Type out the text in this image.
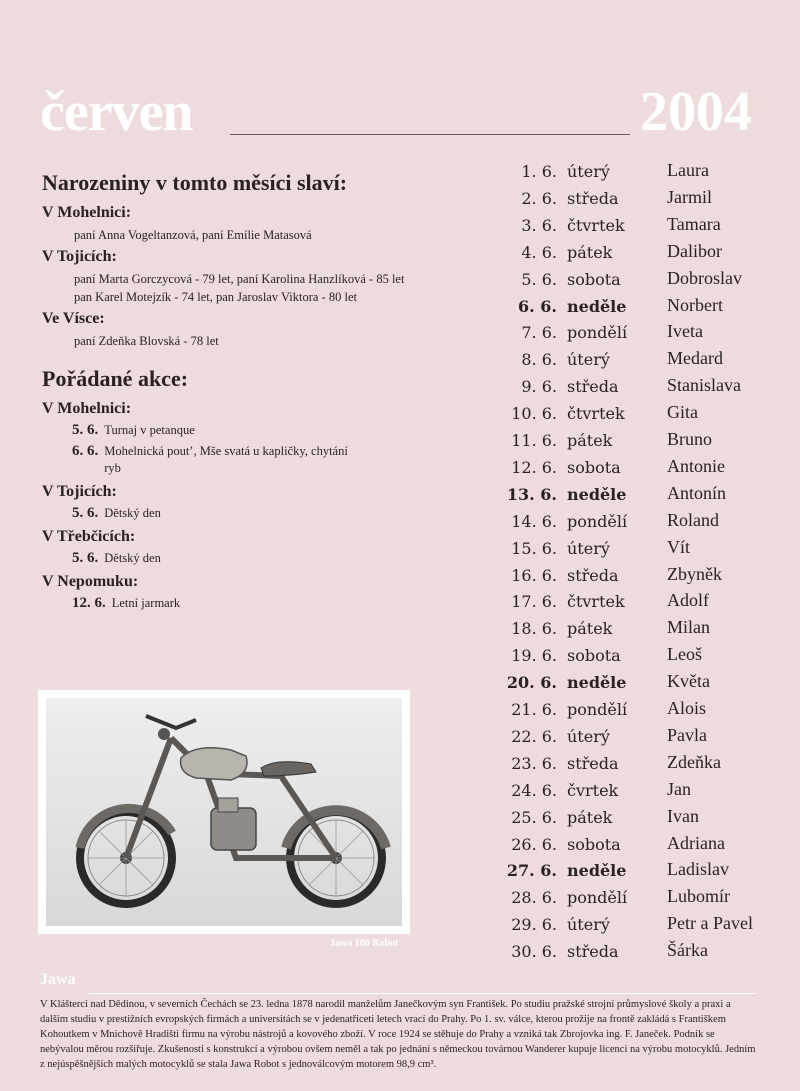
červen	2004
Narozeniny v tomto měsíci slaví:
V Mohelnici:
paní Anna Vogeltanzová, paní Emílie Matasová
V Tojicích:
paní Marta Gorczycová - 79 let, paní Karolina Hanzlíková - 85 let
pan Karel Motejzík - 74 let, pan Jaroslav Viktora - 80 let
Ve Vísce:
paní Zdeňka Blovská - 78 let
Pořádané akce:
V Mohelnici:
5. 6. Turnaj v petanque
6. 6. Mohelnická pout’, Mše svatá u kapličky, chytání ryb
V Tojicích:
5. 6. Dětský den
V Třebčicích:
5. 6. Dětský den
V Nepomuku:
12. 6. Letní jarmark
Jawa 100 Robot
1. 6. úterý	Laura
2. 6. středa	Jarmil
3. 6. čtvrtek Tamara
4. 6. pátek	Dalibor
5. 6. sobota	Dobroslav
6. 6. neděle Norbert
7. 6. pondělí Iveta
8. 6. úterý	Medard
9. 6. středa	Stanislava
10. 6. čtvrtek Gita
11. 6. pátek	Bruno
12. 6. sobota	Antonie
13. 6. neděle Antonín
14. 6. pondělí Roland
15. 6. úterý	Vít
16. 6. středa	Zbyněk
17. 6. čtvrtek Adolf
18. 6. pátek	Milan
19. 6. sobota	Leoš
20. 6. neděle Květa
21. 6. pondělí Alois
22. 6. úterý	Pavla
23. 6. středa	Zdeňka
24. 6. čvrtek	Jan
25. 6. pátek	Ivan
26. 6. sobota	Adriana
27. 6. neděle Ladislav
28. 6. pondělí Lubomír
29. 6. úterý	Petr a Pavel
30. 6. středa	Šárka
Jawa
V Klášterci nad Dědinou, v severních Čechách se 23. ledna 1878 narodil manželům Janečkovým syn František. Po studiu pražské strojní průmyslové školy a praxi a dalším studiu v prestižních evropských firmách a universitách se v jedenatřiceti letech vrací do Prahy. Po 1. sv. válce, kterou prožije na frontě zakládá s Františkem Kohoutkem v Mnichově Hradišti firmu na výrobu nástrojů a kovového zboží. V roce 1924 se stěhuje do Prahy a vzniká tak Zbrojovka ing. F. Janeček. Podnik se nebývalou měrou rozšiřuje. Zkušenosti s konstrukcí a výrobou ovšem neměl a tak po jednání s německou továrnou Wanderer kupuje licenci na výrobu motocyklů. Jedním z nejúspěšnějších malých motocyklů se stala Jawa Robot s jednoválcovým motorem 98,9 cm³.
